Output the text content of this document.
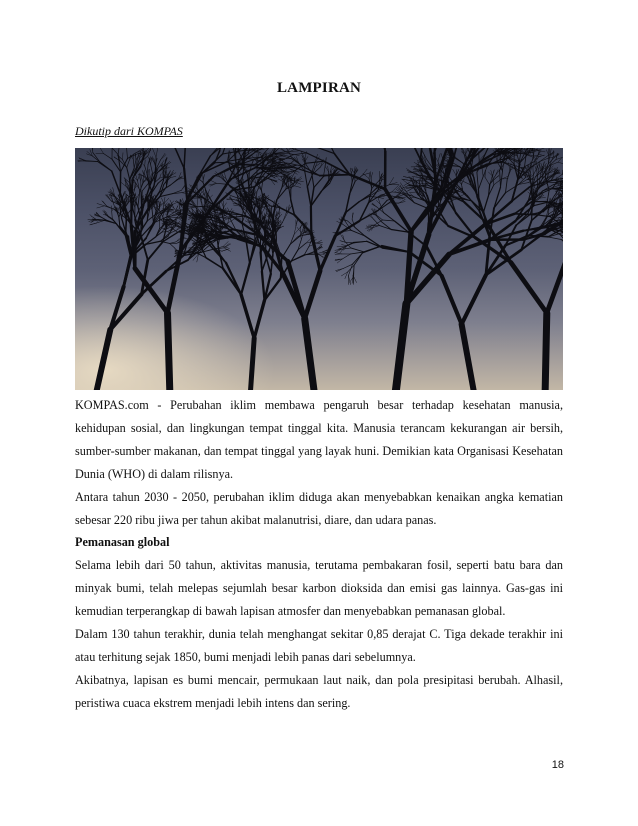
LAMPIRAN
Dikutip dari KOMPAS

KOMPAS.com - Perubahan iklim membawa pengaruh besar terhadap kesehatan manusia, kehidupan sosial, dan lingkungan tempat tinggal kita. Manusia terancam kekurangan air bersih, sumber-sumber makanan, dan tempat tinggal yang layak huni. Demikian kata Organisasi Kesehatan Dunia (WHO) di dalam rilisnya.

Antara tahun 2030 - 2050, perubahan iklim diduga akan menyebabkan kenaikan angka kematian sebesar 220 ribu jiwa per tahun akibat malanutrisi, diare, dan udara panas.

Pemanasan global

Selama lebih dari 50 tahun, aktivitas manusia, terutama pembakaran fosil, seperti batu bara dan minyak bumi, telah melepas sejumlah besar karbon dioksida dan emisi gas lainnya. Gas-gas ini kemudian terperangkap di bawah lapisan atmosfer dan menyebabkan pemanasan global.

Dalam 130 tahun terakhir, dunia telah menghangat sekitar 0,85 derajat C. Tiga dekade terakhir ini atau terhitung sejak 1850, bumi menjadi lebih panas dari sebelumnya.

Akibatnya, lapisan es bumi mencair, permukaan laut naik, dan pola presipitasi berubah. Alhasil, peristiwa cuaca ekstrem menjadi lebih intens dan sering.

18
